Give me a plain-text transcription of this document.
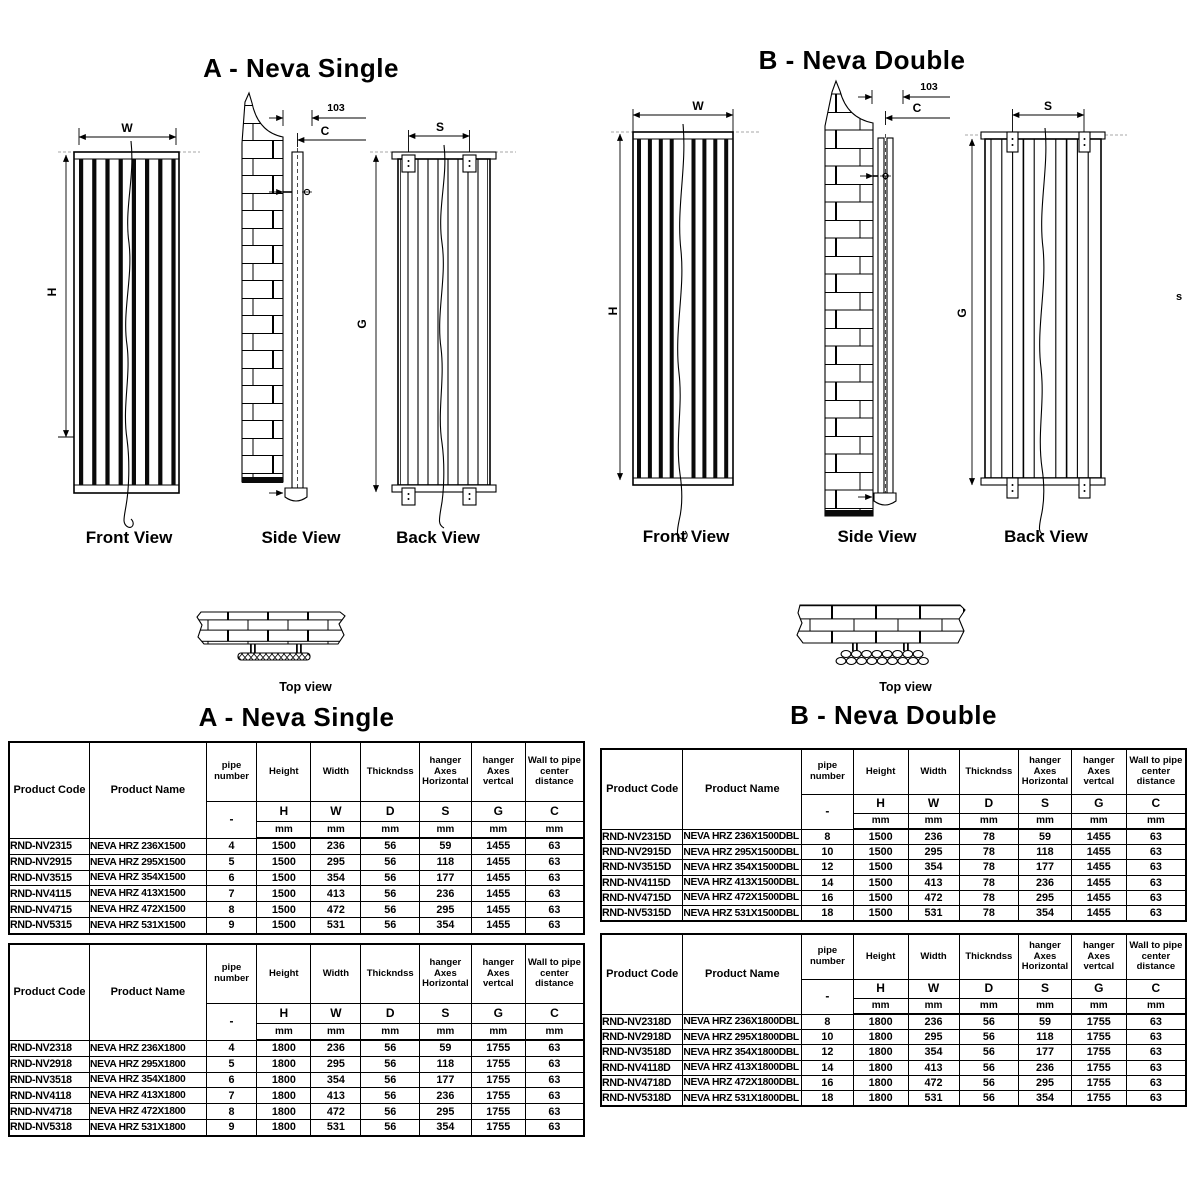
A - Neva Single	B - Neva Double
W
H
Front View
103
C
Side View
S
G
Back View
W
H
Front View
103
C
Side View
S
G
Back View
s
Top view	Top view
A - Neva Single	B - Neva Double
Product Code	Product Name	pipe number	Height	Width	Thickndss	hanger Axes Horizontal	hanger Axes vertcal	Wall to pipe center distance
		-	H	W	D	S	G	C
			mm	mm	mm	mm	mm	mm
RND-NV2315	NEVA HRZ 236X1500	4	1500	236	56	59	1455	63
RND-NV2915	NEVA HRZ 295X1500	5	1500	295	56	118	1455	63
RND-NV3515	NEVA HRZ 354X1500	6	1500	354	56	177	1455	63
RND-NV4115	NEVA HRZ 413X1500	7	1500	413	56	236	1455	63
RND-NV4715	NEVA HRZ 472X1500	8	1500	472	56	295	1455	63
RND-NV5315	NEVA HRZ 531X1500	9	1500	531	56	354	1455	63
Product Code	Product Name	pipe number	Height	Width	Thickndss	hanger Axes Horizontal	hanger Axes vertcal	Wall to pipe center distance
		-	H	W	D	S	G	C
			mm	mm	mm	mm	mm	mm
RND-NV2318	NEVA HRZ 236X1800	4	1800	236	56	59	1755	63
RND-NV2918	NEVA HRZ 295X1800	5	1800	295	56	118	1755	63
RND-NV3518	NEVA HRZ 354X1800	6	1800	354	56	177	1755	63
RND-NV4118	NEVA HRZ 413X1800	7	1800	413	56	236	1755	63
RND-NV4718	NEVA HRZ 472X1800	8	1800	472	56	295	1755	63
RND-NV5318	NEVA HRZ 531X1800	9	1800	531	56	354	1755	63
Product Code	Product Name	pipe number	Height	Width	Thickndss	hanger Axes Horizontal	hanger Axes vertcal	Wall to pipe center distance
		-	H	W	D	S	G	C
			mm	mm	mm	mm	mm	mm
RND-NV2315D	NEVA HRZ 236X1500DBL	8	1500	236	78	59	1455	63
RND-NV2915D	NEVA HRZ 295X1500DBL	10	1500	295	78	118	1455	63
RND-NV3515D	NEVA HRZ 354X1500DBL	12	1500	354	78	177	1455	63
RND-NV4115D	NEVA HRZ 413X1500DBL	14	1500	413	78	236	1455	63
RND-NV4715D	NEVA HRZ 472X1500DBL	16	1500	472	78	295	1455	63
RND-NV5315D	NEVA HRZ 531X1500DBL	18	1500	531	78	354	1455	63
Product Code	Product Name	pipe number	Height	Width	Thickndss	hanger Axes Horizontal	hanger Axes vertcal	Wall to pipe center distance
		-	H	W	D	S	G	C
			mm	mm	mm	mm	mm	mm
RND-NV2318D	NEVA HRZ 236X1800DBL	8	1800	236	56	59	1755	63
RND-NV2918D	NEVA HRZ 295X1800DBL	10	1800	295	56	118	1755	63
RND-NV3518D	NEVA HRZ 354X1800DBL	12	1800	354	56	177	1755	63
RND-NV4118D	NEVA HRZ 413X1800DBL	14	1800	413	56	236	1755	63
RND-NV4718D	NEVA HRZ 472X1800DBL	16	1800	472	56	295	1755	63
RND-NV5318D	NEVA HRZ 531X1800DBL	18	1800	531	56	354	1755	63
